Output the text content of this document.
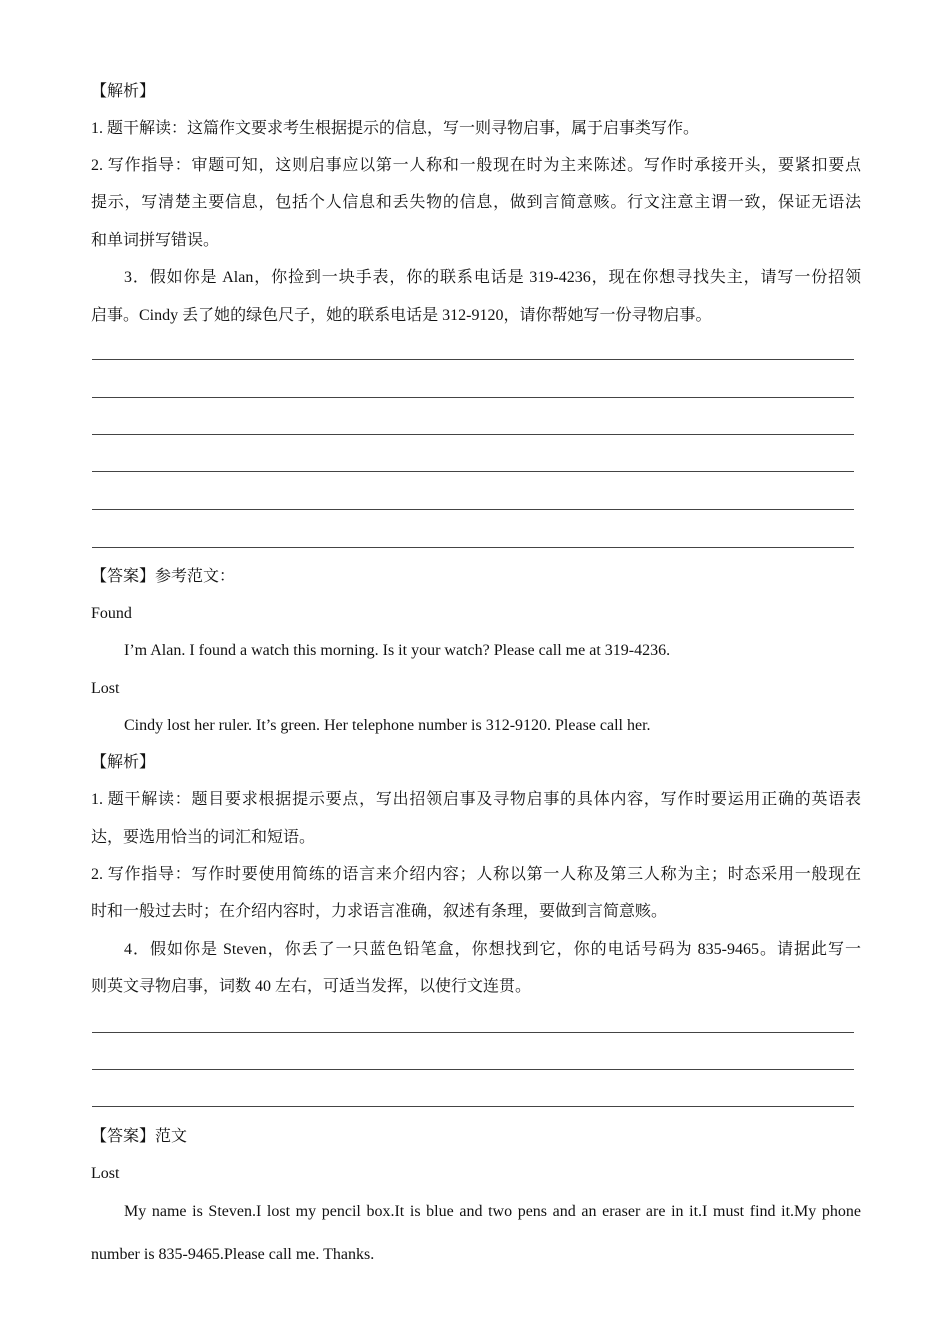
【解析】
1. 题干解读：这篇作文要求考生根据提示的信息，写一则寻物启事，属于启事类写作。
2. 写作指导：审题可知，这则启事应以第一人称和一般现在时为主来陈述。写作时承接开头，要紧扣要点
提示，写清楚主要信息，包括个人信息和丢失物的信息，做到言简意赅。行文注意主谓一致，保证无语法
和单词拼写错误。
3．假如你是 Alan，你捡到一块手表，你的联系电话是 319-4236，现在你想寻找失主，请写一份招领
启事。Cindy 丢了她的绿色尺子，她的联系电话是 312-9120，请你帮她写一份寻物启事。
【答案】参考范文：
Found
I’m Alan. I found a watch this morning. Is it your watch? Please call me at 319-4236.
Lost
Cindy lost her ruler. It’s green. Her telephone number is 312-9120. Please call her.
【解析】
1. 题干解读：题目要求根据提示要点，写出招领启事及寻物启事的具体内容，写作时要运用正确的英语表
达，要选用恰当的词汇和短语。
2. 写作指导：写作时要使用简练的语言来介绍内容；人称以第一人称及第三人称为主；时态采用一般现在
时和一般过去时；在介绍内容时，力求语言准确，叙述有条理，要做到言简意赅。
4．假如你是 Steven，你丢了一只蓝色铅笔盒，你想找到它，你的电话号码为 835-9465。请据此写一
则英文寻物启事，词数 40 左右，可适当发挥，以使行文连贯。
【答案】范文
Lost
My name is Steven.I lost my pencil box.It is blue and two pens and an eraser are in it.I must find it.My phone
number is 835-9465.Please call me. Thanks.
